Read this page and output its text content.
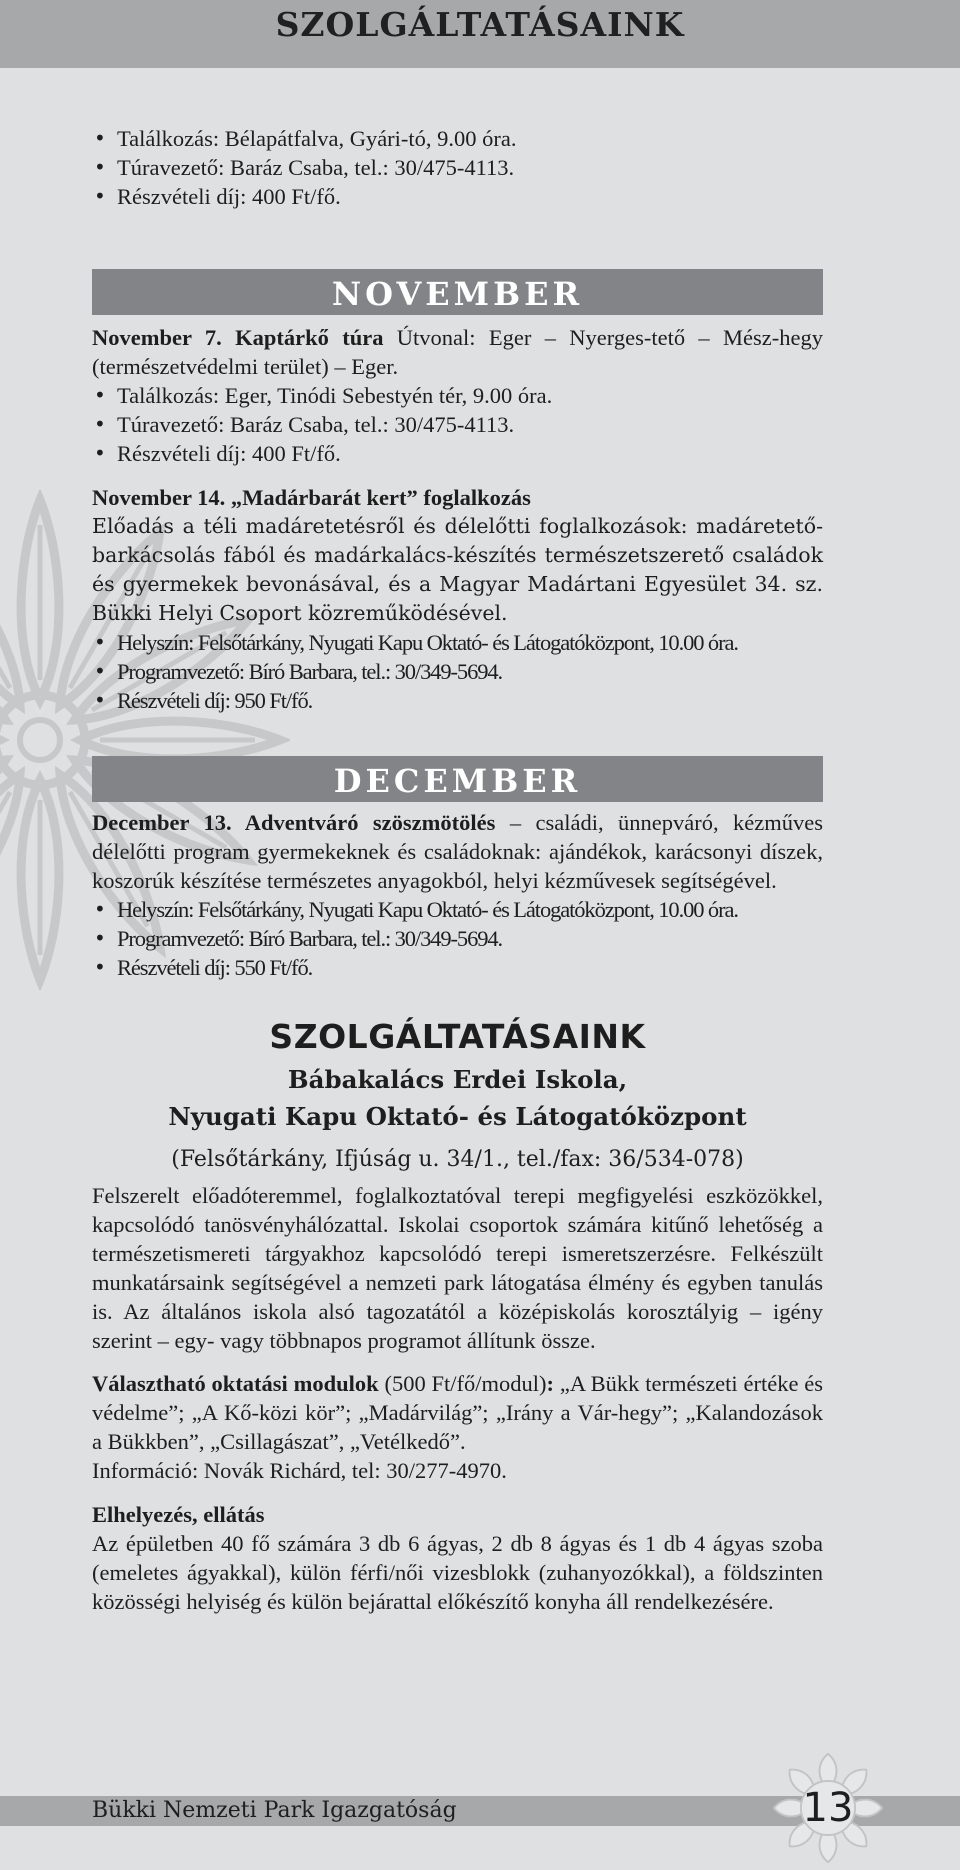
SZOLGÁLTATÁSAINK
• Találkozás: Bélapátfalva, Gyári-tó, 9.00 óra.
• Túravezető: Baráz Csaba, tel.: 30/475-4113.
• Részvételi díj: 400 Ft/fő.
NOVEMBER

November 7. Kaptárkő túra Útvonal: Eger – Nyerges-tető – Mész-hegy (természetvédelmi terület) – Eger.

• Találkozás: Eger, Tinódi Sebestyén tér, 9.00 óra.
• Túravezető: Baráz Csaba, tel.: 30/475-4113.
• Részvételi díj: 400 Ft/fő.

November 14. „Madárbarát kert” foglalkozás

Előadás a téli madáretetésről és délelőtti foglalkozások: madáretető-barkácsolás fából és madárkalács-készítés természetszerető családok és gyermekek bevonásával, és a Magyar Madártani Egyesület 34. sz. Bükki Helyi Csoport közreműködésével.

• Helyszín: Felsőtárkány, Nyugati Kapu Oktató- és Látogatóközpont, 10.00 óra.
• Programvezető: Bíró Barbara, tel.: 30/349-5694.
• Részvételi díj: 950 Ft/fő.
DECEMBER

December 13. Adventváró szöszmötölés – családi, ünnepváró, kézműves délelőtti program gyermekeknek és családoknak: ajándékok, karácsonyi díszek, koszorúk készítése természetes anyagokból, helyi kézművesek segítségével.

• Helyszín: Felsőtárkány, Nyugati Kapu Oktató- és Látogatóközpont, 10.00 óra.
• Programvezető: Bíró Barbara, tel.: 30/349-5694.
• Részvételi díj: 550 Ft/fő.
SZOLGÁLTATÁSAINK

Bábakalács Erdei Iskola,

Nyugati Kapu Oktató- és Látogatóközpont

(Felsőtárkány, Ifjúság u. 34/1., tel./fax: 36/534-078)

Felszerelt előadóteremmel, foglalkoztatóval terepi megfigyelési eszközökkel, kapcsolódó tanösvényhálózattal. Iskolai csoportok számára kitűnő lehetőség a természetismereti tárgyakhoz kapcsolódó terepi ismeretszerzésre. Felkészült munkatársaink segítségével a nemzeti park látogatása élmény és egyben tanulás is. Az általános iskola alsó tagozatától a középiskolás korosztályig – igény szerint – egy- vagy többnapos programot állítunk össze.

Választható oktatási modulok (500 Ft/fő/modul): „A Bükk természeti értéke és védelme”; „A Kő-közi kör”; „Madárvilág”; „Irány a Vár-hegy”; „Kalandozások a Bükkben”, „Csillagászat”, „Vetélkedő”.

Információ: Novák Richárd, tel: 30/277-4970.

Elhelyezés, ellátás

Az épületben 40 fő számára 3 db 6 ágyas, 2 db 8 ágyas és 1 db 4 ágyas szoba (emeletes ágyakkal), külön férfi/női vizesblokk (zuhanyozókkal), a földszinten közösségi helyiség és külön bejárattal előkészítő konyha áll rendelkezésére.

Bükki Nemzeti Park Igazgatóság	13
